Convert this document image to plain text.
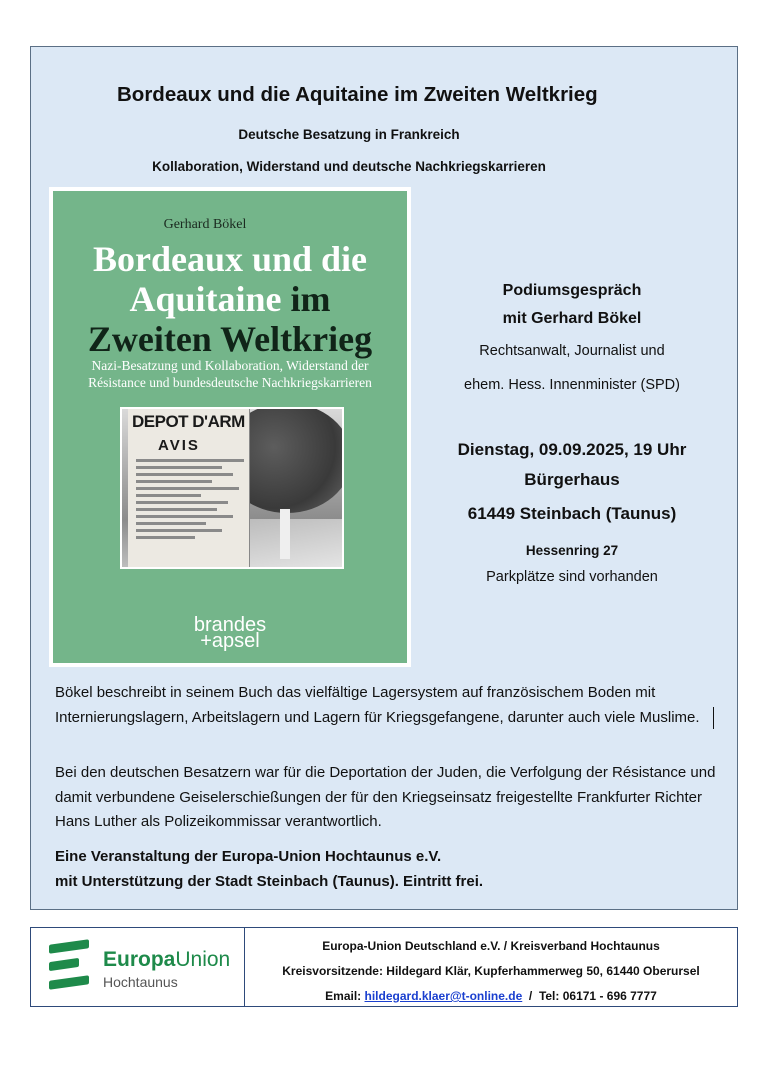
Bordeaux und die Aquitaine im Zweiten Weltkrieg
Deutsche Besatzung in Frankreich
Kollaboration, Widerstand und deutsche Nachkriegskarrieren
Gerhard Bökel
Bordeaux und die
Aquitaine im
Zweiten Weltkrieg
Nazi-Besatzung und Kollaboration, Widerstand der Résistance und bundesdeutsche Nachkriegskarrieren
DEPOT D'ARM
AVIS
brandes
+apsel
Podiumsgespräch
mit Gerhard Bökel
Rechtsanwalt, Journalist und
ehem. Hess. Innenminister (SPD)
Dienstag, 09.09.2025, 19 Uhr
Bürgerhaus
61449 Steinbach (Taunus)
Hessenring 27
Parkplätze sind vorhanden
Bökel beschreibt in seinem Buch das vielfältige Lagersystem auf französischem Boden mit Internierungslagern, Arbeitslagern und Lagern für Kriegsgefangene, darunter auch viele Muslime.
Bei den deutschen Besatzern war für die Deportation der Juden, die Verfolgung der Résistance und damit verbundene Geiselerschießungen der für den Kriegseinsatz freigestellte Frankfurter Richter Hans Luther als Polizeikommissar verantwortlich.
Eine Veranstaltung der Europa-Union Hochtaunus e.V.
mit Unterstützung der Stadt Steinbach (Taunus). Eintritt frei.
EuropaUnion
Hochtaunus
Europa-Union Deutschland e.V. / Kreisverband Hochtaunus
Kreisvorsitzende: Hildegard Klär, Kupferhammerweg 50, 61440 Oberursel
Email: hildegard.klaer@t-online.de / Tel: 06171 - 696 7777
